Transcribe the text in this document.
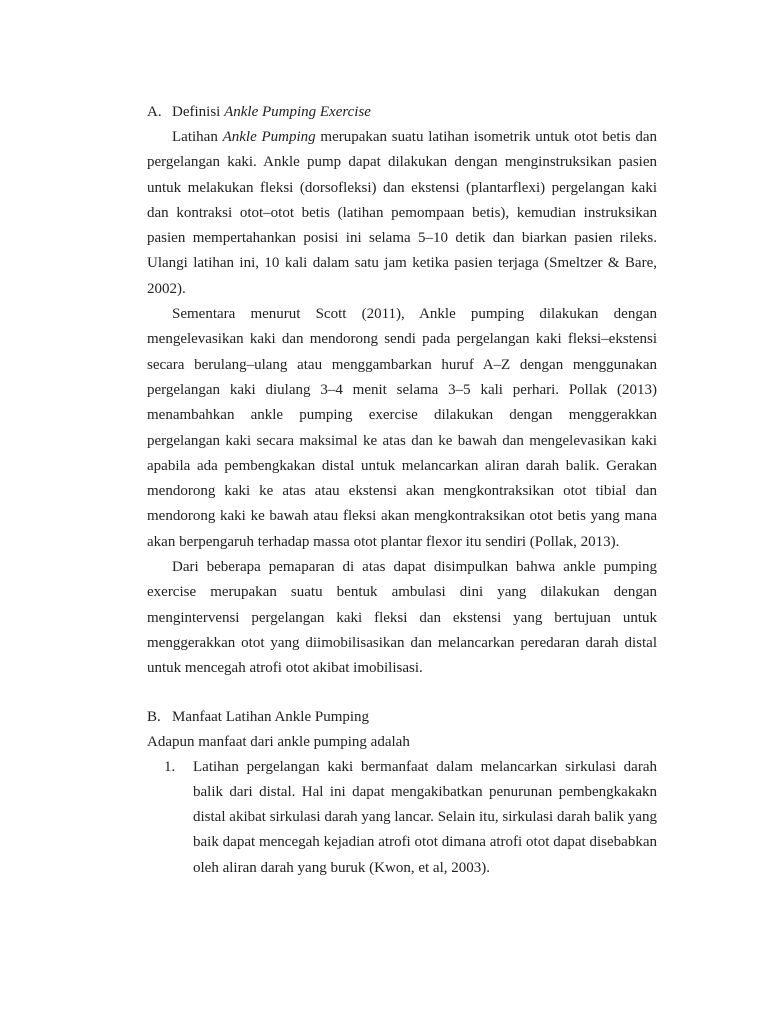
A. Definisi Ankle Pumping Exercise

Latihan Ankle Pumping merupakan suatu latihan isometrik untuk otot betis dan pergelangan kaki. Ankle pump dapat dilakukan dengan menginstruksikan pasien untuk melakukan fleksi (dorsofleksi) dan ekstensi (plantarflexi) pergelangan kaki dan kontraksi otot–otot betis (latihan pemompaan betis), kemudian instruksikan pasien mempertahankan posisi ini selama 5–10 detik dan biarkan pasien rileks. Ulangi latihan ini, 10 kali dalam satu jam ketika pasien terjaga (Smeltzer & Bare, 2002).

Sementara menurut Scott (2011), Ankle pumping dilakukan dengan mengelevasikan kaki dan mendorong sendi pada pergelangan kaki fleksi–ekstensi secara berulang–ulang atau menggambarkan huruf A–Z dengan menggunakan pergelangan kaki diulang 3–4 menit selama 3–5 kali perhari. Pollak (2013) menambahkan ankle pumping exercise dilakukan dengan menggerakkan pergelangan kaki secara maksimal ke atas dan ke bawah dan mengelevasikan kaki apabila ada pembengkakan distal untuk melancarkan aliran darah balik. Gerakan mendorong kaki ke atas atau ekstensi akan mengkontraksikan otot tibial dan mendorong kaki ke bawah atau fleksi akan mengkontraksikan otot betis yang mana akan berpengaruh terhadap massa otot plantar flexor itu sendiri (Pollak, 2013).

Dari beberapa pemaparan di atas dapat disimpulkan bahwa ankle pumping exercise merupakan suatu bentuk ambulasi dini yang dilakukan dengan mengintervensi pergelangan kaki fleksi dan ekstensi yang bertujuan untuk menggerakkan otot yang diimobilisasikan dan melancarkan peredaran darah distal untuk mencegah atrofi otot akibat imobilisasi.

B. Manfaat Latihan Ankle Pumping

Adapun manfaat dari ankle pumping adalah

1.	Latihan pergelangan kaki bermanfaat dalam melancarkan sirkulasi darah balik dari distal. Hal ini dapat mengakibatkan penurunan pembengkakakn distal akibat sirkulasi darah yang lancar. Selain itu, sirkulasi darah balik yang baik dapat mencegah kejadian atrofi otot dimana atrofi otot dapat disebabkan oleh aliran darah yang buruk (Kwon, et al, 2003).
